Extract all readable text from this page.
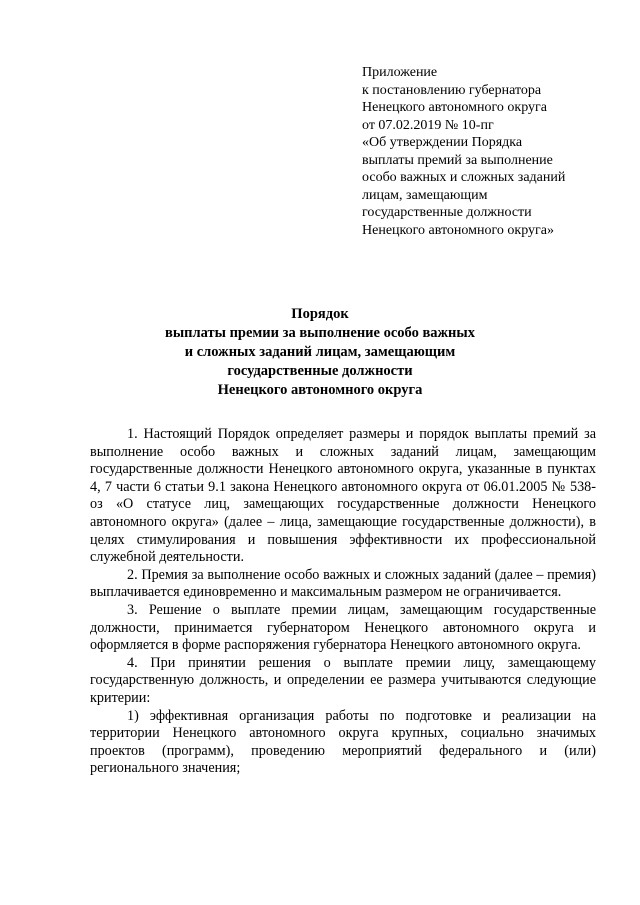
Приложение
к постановлению губернатора
Ненецкого автономного округа
от 07.02.2019 № 10-пг
«Об утверждении Порядка
выплаты премий за выполнение
особо важных и сложных заданий
лицам, замещающим
государственные должности
Ненецкого автономного округа»
Порядок
выплаты премии за выполнение особо важных
и сложных заданий лицам, замещающим
государственные должности
Ненецкого автономного округа

1. Настоящий Порядок определяет размеры и порядок выплаты премий за выполнение особо важных и сложных заданий лицам, замещающим государственные должности Ненецкого автономного округа, указанные в пунктах 4, 7 части 6 статьи 9.1 закона Ненецкого автономного округа от 06.01.2005 № 538-оз «О статусе лиц, замещающих государственные должности Ненецкого автономного округа» (далее – лица, замещающие государственные должности), в целях стимулирования и повышения эффективности их профессиональной служебной деятельности.

2. Премия за выполнение особо важных и сложных заданий (далее – премия) выплачивается единовременно и максимальным размером не ограничивается.

3. Решение о выплате премии лицам, замещающим государственные должности, принимается губернатором Ненецкого автономного округа и оформляется в форме распоряжения губернатора Ненецкого автономного округа.

4. При принятии решения о выплате премии лицу, замещающему государственную должность, и определении ее размера учитываются следующие критерии:

1) эффективная организация работы по подготовке и реализации на территории Ненецкого автономного округа крупных, социально значимых проектов (программ), проведению мероприятий федерального и (или) регионального значения;
